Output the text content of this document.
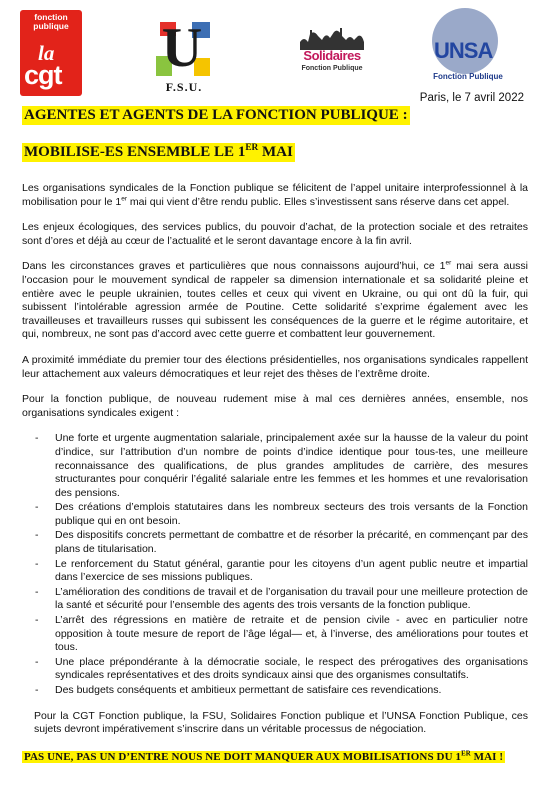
fonction
publique
la
cgt U
F.S.U.
Solidaires
Fonction Publique
UNSA
Fonction Publique
Paris, le 7 avril 2022
AGENTES ET AGENTS DE LA FONCTION PUBLIQUE :
MOBILISE-ES ENSEMBLE LE 1ER MAI

Les organisations syndicales de la Fonction publique se félicitent de l’appel unitaire interprofessionnel à la mobilisation pour le 1er mai qui vient d’être rendu public. Elles s’investissent sans réserve dans cet appel.

Les enjeux écologiques, des services publics, du pouvoir d’achat, de la protection sociale et des retraites sont d’ores et déjà au cœur de l’actualité et le seront davantage encore à la fin avril.

Dans les circonstances graves et particulières que nous connaissons aujourd’hui, ce 1er mai sera aussi l’occasion pour le mouvement syndical de rappeler sa dimension internationale et sa solidarité pleine et entière avec le peuple ukrainien, toutes celles et ceux qui vivent en Ukraine, ou qui ont dû la fuir, qui subissent l’intolérable agression armée de Poutine. Cette solidarité s’exprime également avec les travailleuses et travailleurs russes qui subissent les conséquences de la guerre et le régime autoritaire, et qui, nombreux, ne sont pas d’accord avec cette guerre et combattent leur gouvernement.

A proximité immédiate du premier tour des élections présidentielles, nos organisations syndicales rappellent leur attachement aux valeurs démocratiques et leur rejet des thèses de l’extrême droite.

Pour la fonction publique, de nouveau rudement mise à mal ces dernières années, ensemble, nos organisations syndicales exigent :

- Une forte et urgente augmentation salariale, principalement axée sur la hausse de la valeur du point d’indice, sur l’attribution d’un nombre de points d’indice identique pour tous-tes, une meilleure reconnaissance des qualifications, de plus grandes amplitudes de carrière, des mesures structurantes pour conquérir l’égalité salariale entre les femmes et les hommes et une revalorisation des pensions.
- Des créations d’emplois statutaires dans les nombreux secteurs des trois versants de la Fonction publique qui en ont besoin.
- Des dispositifs concrets permettant de combattre et de résorber la précarité, en commençant par des plans de titularisation.
- Le renforcement du Statut général, garantie pour les citoyens d’un agent public neutre et impartial dans l’exercice de ses missions publiques.
- L’amélioration des conditions de travail et de l’organisation du travail pour une meilleure protection de la santé et sécurité pour l’ensemble des agents des trois versants de la fonction publique.
- L’arrêt des régressions en matière de retraite et de pension civile - avec en particulier notre opposition à toute mesure de report de l’âge légal— et, à l’inverse, des améliorations pour toutes et tous.
- Une place prépondérante à la démocratie sociale, le respect des prérogatives des organisations syndicales représentatives et des droits syndicaux ainsi que des organismes consultatifs.
- Des budgets conséquents et ambitieux permettant de satisfaire ces revendications.

Pour la CGT Fonction publique, la FSU, Solidaires Fonction publique et l’UNSA Fonction Publique, ces sujets devront impérativement s’inscrire dans un véritable processus de négociation.

PAS UNE, PAS UN D’ENTRE NOUS NE DOIT MANQUER AUX MOBILISATIONS DU 1ER MAI !
